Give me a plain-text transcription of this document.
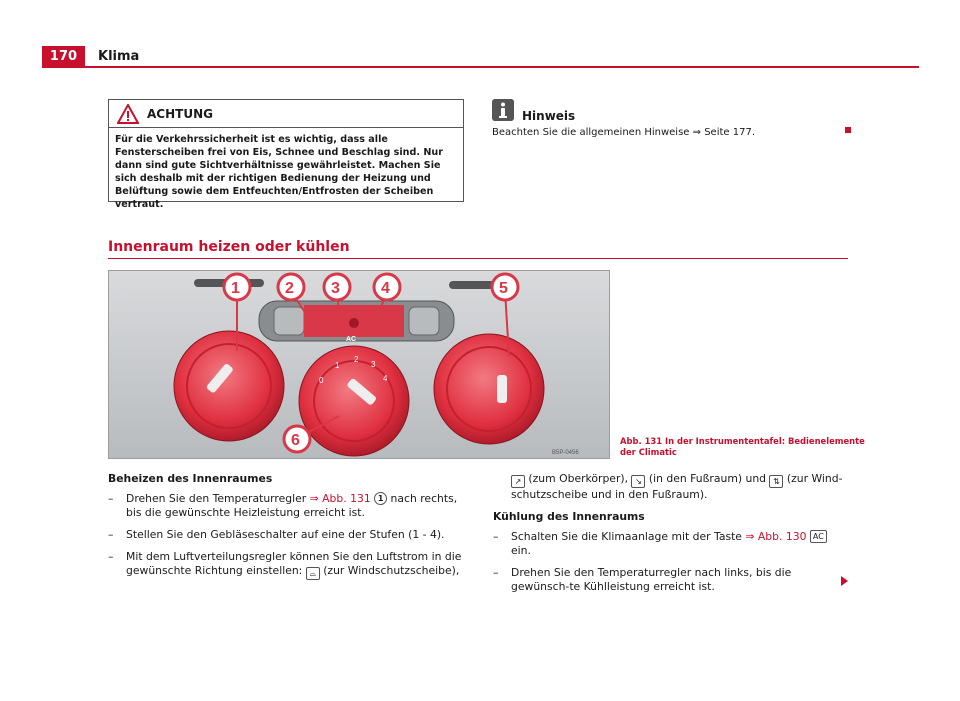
170	Klima
ACHTUNG
Für die Verkehrssicherheit ist es wichtig, dass alle Fensterscheiben frei von Eis, Schnee und Beschlag sind. Nur dann sind gute Sichtverhältnisse gewährleistet. Machen Sie sich deshalb mit der richtigen Bedienung der Heizung und Belüftung sowie dem Entfeuchten/Entfrosten der Scheiben vertraut.
Hinweis
Beachten Sie die allgemeinen Hinweise ⇒ Seite 177.
Innenraum heizen oder kühlen
AC
0
1
2
3
4
1	2 3	4	5
6
B5P-0456
Abb. 131 In der Instrumententafel: Bedienelemente
der Climatic
Beheizen des Innenraumes
– Drehen Sie den Temperaturregler ⇒ Abb. 131 1 nach rechts, bis die gewünschte Heizleistung erreicht ist.
– Stellen Sie den Gebläseschalter auf eine der Stufen (1 - 4).
– Mit dem Luftverteilungsregler können Sie den Luftstrom in die gewünschte Richtung einstellen: ⌓ (zur Windschutzscheibe),
↗ (zum Oberkörper), ↘ (in den Fußraum) und ⇅ (zur Wind-schutzscheibe und in den Fußraum).
Kühlung des Innenraums
– Schalten Sie die Klimaanlage mit der Taste ⇒ Abb. 130 AC ein.
– Drehen Sie den Temperaturregler nach links, bis die gewünsch-te Kühlleistung erreicht ist.
